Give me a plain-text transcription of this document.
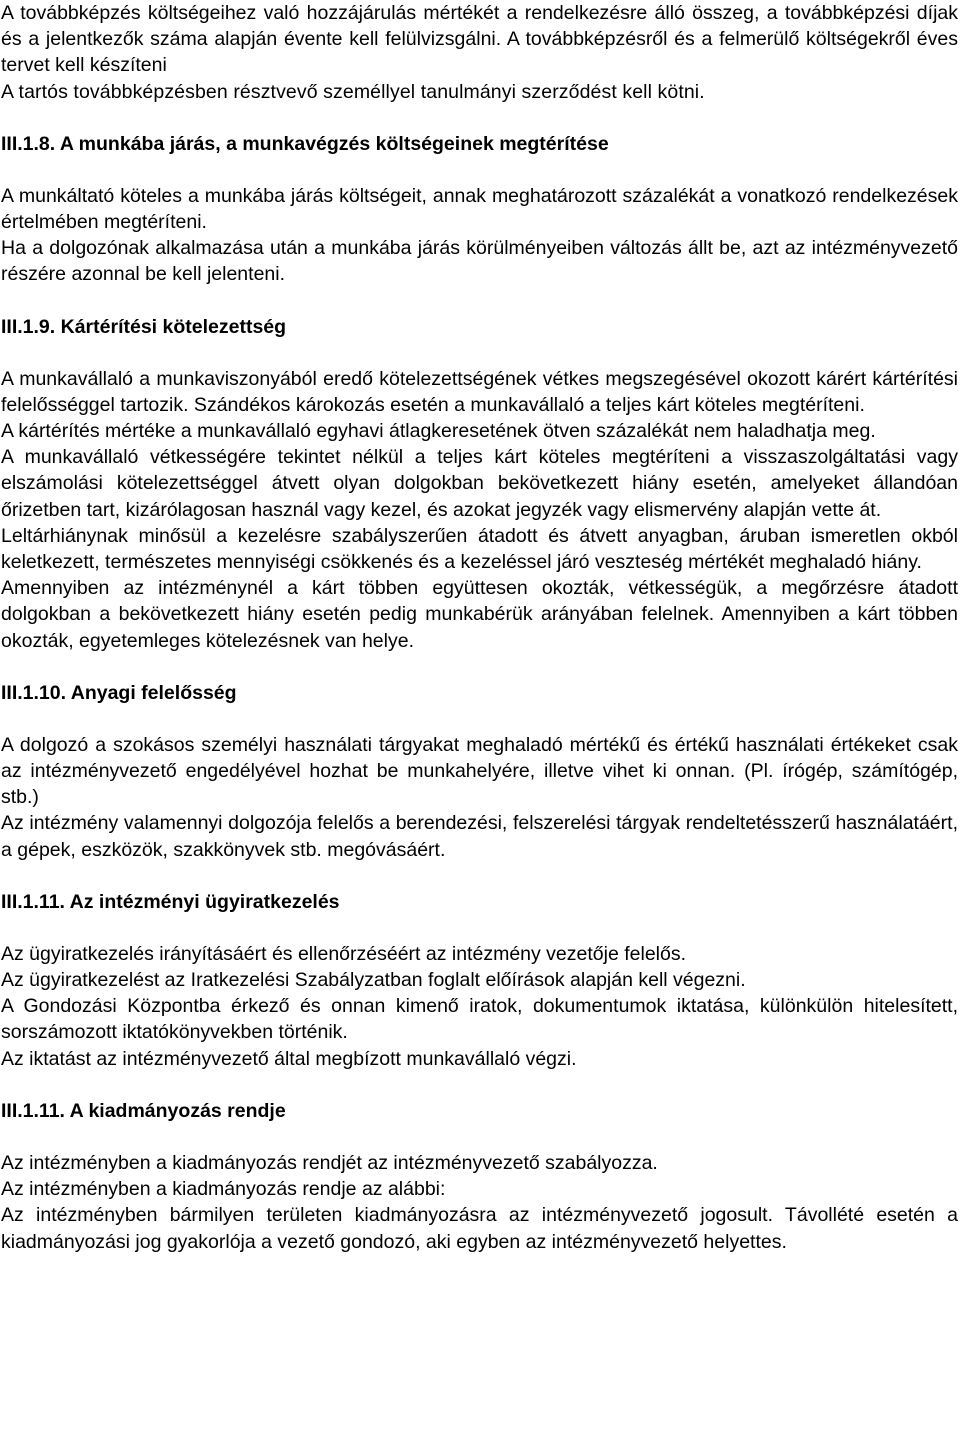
A továbbképzés költségeihez való hozzájárulás mértékét a rendelkezésre álló összeg, a továbbképzési díjak és a jelentkezők száma alapján évente kell felülvizsgálni. A továbbképzésről és a felmerülő költségekről éves tervet kell készíteni

A tartós továbbképzésben résztvevő személlyel tanulmányi szerződést kell kötni.

III.1.8. A munkába járás, a munkavégzés költségeinek megtérítése

A munkáltató köteles a munkába járás költségeit, annak meghatározott százalékát a vonatkozó rendelkezések értelmében megtéríteni.

Ha a dolgozónak alkalmazása után a munkába járás körülményeiben változás állt be, azt az intézményvezető részére azonnal be kell jelenteni.

III.1.9. Kártérítési kötelezettség

A munkavállaló a munkaviszonyából eredő kötelezettségének vétkes megszegésével okozott kárért kártérítési felelősséggel tartozik. Szándékos károkozás esetén a munkavállaló a teljes kárt köteles megtéríteni.

A kártérítés mértéke a munkavállaló egyhavi átlagkeresetének ötven százalékát nem haladhatja meg.

A munkavállaló vétkességére tekintet nélkül a teljes kárt köteles megtéríteni a visszaszolgáltatási vagy elszámolási kötelezettséggel átvett olyan dolgokban bekövetkezett hiány esetén, amelyeket állandóan őrizetben tart, kizárólagosan használ vagy kezel, és azokat jegyzék vagy elismervény alapján vette át.

Leltárhiánynak minősül a kezelésre szabályszerűen átadott és átvett anyagban, áruban ismeretlen okból keletkezett, természetes mennyiségi csökkenés és a kezeléssel járó veszteség mértékét meghaladó hiány.

Amennyiben az intézménynél a kárt többen együttesen okozták, vétkességük, a megőrzésre átadott dolgokban a bekövetkezett hiány esetén pedig munkabérük arányában felelnek. Amennyiben a kárt többen okozták, egyetemleges kötelezésnek van helye.

III.1.10. Anyagi felelősség

A dolgozó a szokásos személyi használati tárgyakat meghaladó mértékű és értékű használati értékeket csak az intézményvezető engedélyével hozhat be munkahelyére, illetve vihet ki onnan. (Pl. írógép, számítógép, stb.)

Az intézmény valamennyi dolgozója felelős a berendezési, felszerelési tárgyak rendeltetésszerű használatáért, a gépek, eszközök, szakkönyvek stb. megóvásáért.

III.1.11. Az intézményi ügyiratkezelés

Az ügyiratkezelés irányításáért és ellenőrzéséért az intézmény vezetője felelős.

Az ügyiratkezelést az Iratkezelési Szabályzatban foglalt előírások alapján kell végezni.

A Gondozási Központba érkező és onnan kimenő iratok, dokumentumok iktatása, különkülön hitelesített, sorszámozott iktatókönyvekben történik.

Az iktatást az intézményvezető által megbízott munkavállaló végzi.

III.1.11. A kiadmányozás rendje

Az intézményben a kiadmányozás rendjét az intézményvezető szabályozza.

Az intézményben a kiadmányozás rendje az alábbi:

Az intézményben bármilyen területen kiadmányozásra az intézményvezető jogosult. Távollété esetén a kiadmányozási jog gyakorlója a vezető gondozó, aki egyben az intézményvezető helyettes.
